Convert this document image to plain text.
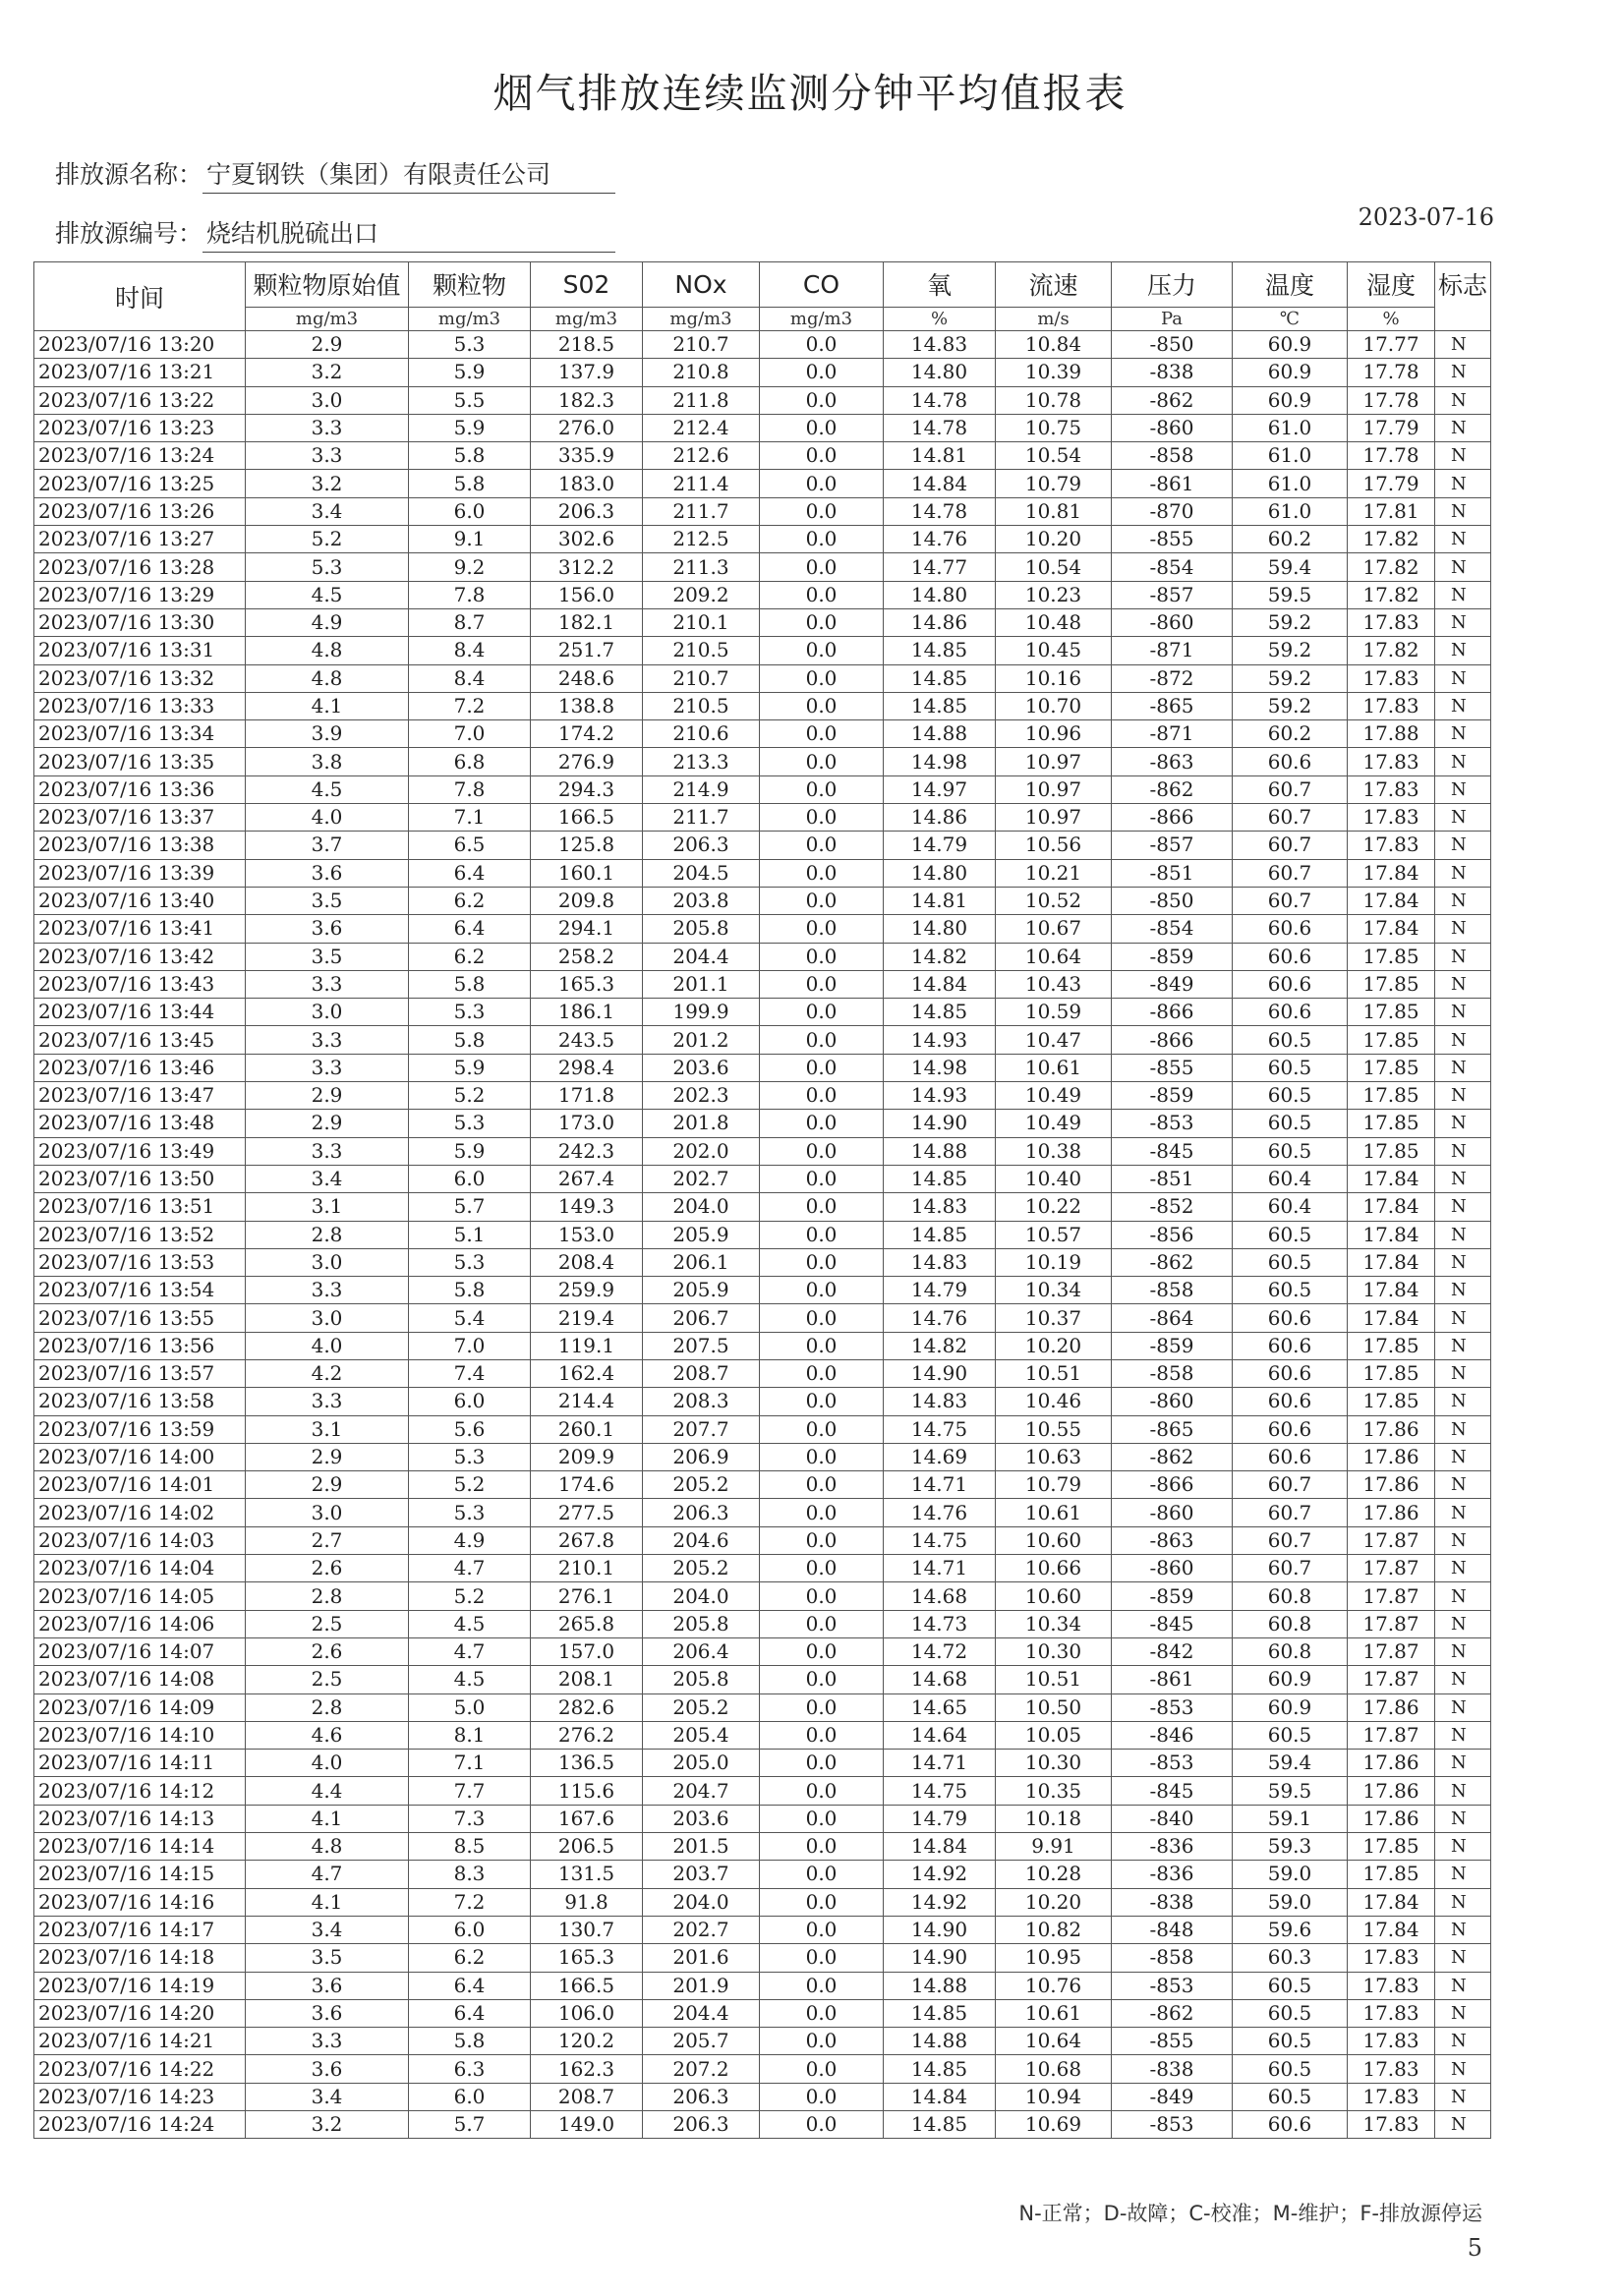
烟气排放连续监测分钟平均值报表
排放源名称： 宁夏钢铁（集团）有限责任公司
排放源编号： 烧结机脱硫出口
2023-07-16
时间	颗粒物原始值	颗粒物	S02	NOx	CO	氧	流速	压力	温度	湿度	标志
	mg/m3	mg/m3	mg/m3	mg/m3	mg/m3	%	m/s	Pa	℃	%	
2023/07/16 13:20	2.9	5.3	218.5	210.7	0.0	14.83	10.84	-850	60.9	17.77	N
2023/07/16 13:21	3.2	5.9	137.9	210.8	0.0	14.80	10.39	-838	60.9	17.78	N
2023/07/16 13:22	3.0	5.5	182.3	211.8	0.0	14.78	10.78	-862	60.9	17.78	N
2023/07/16 13:23	3.3	5.9	276.0	212.4	0.0	14.78	10.75	-860	61.0	17.79	N
2023/07/16 13:24	3.3	5.8	335.9	212.6	0.0	14.81	10.54	-858	61.0	17.78	N
2023/07/16 13:25	3.2	5.8	183.0	211.4	0.0	14.84	10.79	-861	61.0	17.79	N
2023/07/16 13:26	3.4	6.0	206.3	211.7	0.0	14.78	10.81	-870	61.0	17.81	N
2023/07/16 13:27	5.2	9.1	302.6	212.5	0.0	14.76	10.20	-855	60.2	17.82	N
2023/07/16 13:28	5.3	9.2	312.2	211.3	0.0	14.77	10.54	-854	59.4	17.82	N
2023/07/16 13:29	4.5	7.8	156.0	209.2	0.0	14.80	10.23	-857	59.5	17.82	N
2023/07/16 13:30	4.9	8.7	182.1	210.1	0.0	14.86	10.48	-860	59.2	17.83	N
2023/07/16 13:31	4.8	8.4	251.7	210.5	0.0	14.85	10.45	-871	59.2	17.82	N
2023/07/16 13:32	4.8	8.4	248.6	210.7	0.0	14.85	10.16	-872	59.2	17.83	N
2023/07/16 13:33	4.1	7.2	138.8	210.5	0.0	14.85	10.70	-865	59.2	17.83	N
2023/07/16 13:34	3.9	7.0	174.2	210.6	0.0	14.88	10.96	-871	60.2	17.88	N
2023/07/16 13:35	3.8	6.8	276.9	213.3	0.0	14.98	10.97	-863	60.6	17.83	N
2023/07/16 13:36	4.5	7.8	294.3	214.9	0.0	14.97	10.97	-862	60.7	17.83	N
2023/07/16 13:37	4.0	7.1	166.5	211.7	0.0	14.86	10.97	-866	60.7	17.83	N
2023/07/16 13:38	3.7	6.5	125.8	206.3	0.0	14.79	10.56	-857	60.7	17.83	N
2023/07/16 13:39	3.6	6.4	160.1	204.5	0.0	14.80	10.21	-851	60.7	17.84	N
2023/07/16 13:40	3.5	6.2	209.8	203.8	0.0	14.81	10.52	-850	60.7	17.84	N
2023/07/16 13:41	3.6	6.4	294.1	205.8	0.0	14.80	10.67	-854	60.6	17.84	N
2023/07/16 13:42	3.5	6.2	258.2	204.4	0.0	14.82	10.64	-859	60.6	17.85	N
2023/07/16 13:43	3.3	5.8	165.3	201.1	0.0	14.84	10.43	-849	60.6	17.85	N
2023/07/16 13:44	3.0	5.3	186.1	199.9	0.0	14.85	10.59	-866	60.6	17.85	N
2023/07/16 13:45	3.3	5.8	243.5	201.2	0.0	14.93	10.47	-866	60.5	17.85	N
2023/07/16 13:46	3.3	5.9	298.4	203.6	0.0	14.98	10.61	-855	60.5	17.85	N
2023/07/16 13:47	2.9	5.2	171.8	202.3	0.0	14.93	10.49	-859	60.5	17.85	N
2023/07/16 13:48	2.9	5.3	173.0	201.8	0.0	14.90	10.49	-853	60.5	17.85	N
2023/07/16 13:49	3.3	5.9	242.3	202.0	0.0	14.88	10.38	-845	60.5	17.85	N
2023/07/16 13:50	3.4	6.0	267.4	202.7	0.0	14.85	10.40	-851	60.4	17.84	N
2023/07/16 13:51	3.1	5.7	149.3	204.0	0.0	14.83	10.22	-852	60.4	17.84	N
2023/07/16 13:52	2.8	5.1	153.0	205.9	0.0	14.85	10.57	-856	60.5	17.84	N
2023/07/16 13:53	3.0	5.3	208.4	206.1	0.0	14.83	10.19	-862	60.5	17.84	N
2023/07/16 13:54	3.3	5.8	259.9	205.9	0.0	14.79	10.34	-858	60.5	17.84	N
2023/07/16 13:55	3.0	5.4	219.4	206.7	0.0	14.76	10.37	-864	60.6	17.84	N
2023/07/16 13:56	4.0	7.0	119.1	207.5	0.0	14.82	10.20	-859	60.6	17.85	N
2023/07/16 13:57	4.2	7.4	162.4	208.7	0.0	14.90	10.51	-858	60.6	17.85	N
2023/07/16 13:58	3.3	6.0	214.4	208.3	0.0	14.83	10.46	-860	60.6	17.85	N
2023/07/16 13:59	3.1	5.6	260.1	207.7	0.0	14.75	10.55	-865	60.6	17.86	N
2023/07/16 14:00	2.9	5.3	209.9	206.9	0.0	14.69	10.63	-862	60.6	17.86	N
2023/07/16 14:01	2.9	5.2	174.6	205.2	0.0	14.71	10.79	-866	60.7	17.86	N
2023/07/16 14:02	3.0	5.3	277.5	206.3	0.0	14.76	10.61	-860	60.7	17.86	N
2023/07/16 14:03	2.7	4.9	267.8	204.6	0.0	14.75	10.60	-863	60.7	17.87	N
2023/07/16 14:04	2.6	4.7	210.1	205.2	0.0	14.71	10.66	-860	60.7	17.87	N
2023/07/16 14:05	2.8	5.2	276.1	204.0	0.0	14.68	10.60	-859	60.8	17.87	N
2023/07/16 14:06	2.5	4.5	265.8	205.8	0.0	14.73	10.34	-845	60.8	17.87	N
2023/07/16 14:07	2.6	4.7	157.0	206.4	0.0	14.72	10.30	-842	60.8	17.87	N
2023/07/16 14:08	2.5	4.5	208.1	205.8	0.0	14.68	10.51	-861	60.9	17.87	N
2023/07/16 14:09	2.8	5.0	282.6	205.2	0.0	14.65	10.50	-853	60.9	17.86	N
2023/07/16 14:10	4.6	8.1	276.2	205.4	0.0	14.64	10.05	-846	60.5	17.87	N
2023/07/16 14:11	4.0	7.1	136.5	205.0	0.0	14.71	10.30	-853	59.4	17.86	N
2023/07/16 14:12	4.4	7.7	115.6	204.7	0.0	14.75	10.35	-845	59.5	17.86	N
2023/07/16 14:13	4.1	7.3	167.6	203.6	0.0	14.79	10.18	-840	59.1	17.86	N
2023/07/16 14:14	4.8	8.5	206.5	201.5	0.0	14.84	9.91	-836	59.3	17.85	N
2023/07/16 14:15	4.7	8.3	131.5	203.7	0.0	14.92	10.28	-836	59.0	17.85	N
2023/07/16 14:16	4.1	7.2	91.8	204.0	0.0	14.92	10.20	-838	59.0	17.84	N
2023/07/16 14:17	3.4	6.0	130.7	202.7	0.0	14.90	10.82	-848	59.6	17.84	N
2023/07/16 14:18	3.5	6.2	165.3	201.6	0.0	14.90	10.95	-858	60.3	17.83	N
2023/07/16 14:19	3.6	6.4	166.5	201.9	0.0	14.88	10.76	-853	60.5	17.83	N
2023/07/16 14:20	3.6	6.4	106.0	204.4	0.0	14.85	10.61	-862	60.5	17.83	N
2023/07/16 14:21	3.3	5.8	120.2	205.7	0.0	14.88	10.64	-855	60.5	17.83	N
2023/07/16 14:22	3.6	6.3	162.3	207.2	0.0	14.85	10.68	-838	60.5	17.83	N
2023/07/16 14:23	3.4	6.0	208.7	206.3	0.0	14.84	10.94	-849	60.5	17.83	N
2023/07/16 14:24	3.2	5.7	149.0	206.3	0.0	14.85	10.69	-853	60.6	17.83	N
N-正常；D-故障；C-校准；M-维护；F-排放源停运
5
